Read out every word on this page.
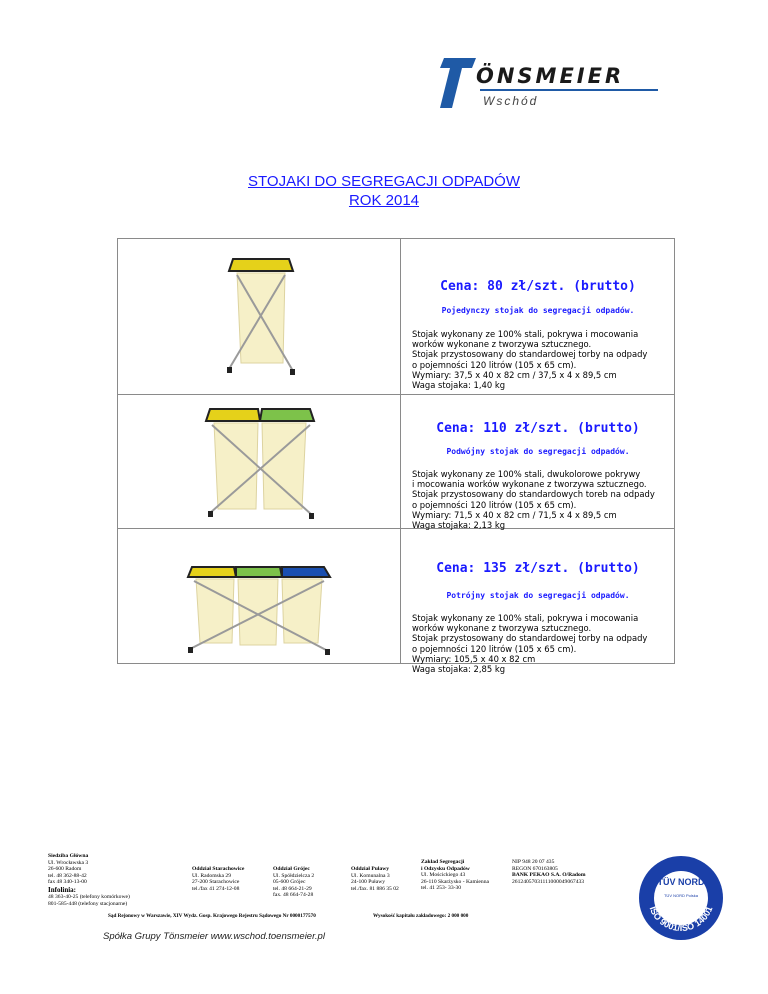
ÖNSMEIER
Wschód
STOJAKI DO SEGREGACJI ODPADÓW
ROK 2014
Cena: 80 zł/szt. (brutto)
Pojedynczy stojak do segregacji odpadów.

Stojak wykonany ze 100% stali, pokrywa i mocowania
worków wykonane z tworzywa sztucznego.
Stojak przystosowany do standardowej torby na odpady
o pojemności 120 litrów (105 x 65 cm).
Wymiary: 37,5 x 40 x 82 cm / 37,5 x 4 x 89,5 cm
Waga stojaka: 1,40 kg

Cena: 110 zł/szt. (brutto)
Podwójny stojak do segregacji odpadów.

Stojak wykonany ze 100% stali, dwukolorowe pokrywy
i mocowania worków wykonane z tworzywa sztucznego.
Stojak przystosowany do standardowych toreb na odpady
o pojemności 120 litrów (105 x 65 cm).
Wymiary: 71,5 x 40 x 82 cm / 71,5 x 4 x 89,5 cm
Waga stojaka: 2,13 kg

Cena: 135 zł/szt. (brutto)
Potrójny stojak do segregacji odpadów.

Stojak wykonany ze 100% stali, pokrywa i mocowania
worków wykonane z tworzywa sztucznego.
Stojak przystosowany do standardowej torby na odpady
o pojemności 120 litrów (105 x 65 cm).
Wymiary: 105,5 x 40 x 82 cm
Waga stojaka: 2,85 kg

Siedziba Główna
Ul. Wrocławska 3
26-600 Radom
tel. 48 362-88-42
fax 48 340-13-00
Infolinia:
48 363-40-25 (telefony komórkowe)
801-585-448 (telefony stacjonarne)
Oddział Starachowice
Ul. Radomska 29
27-200 Starachowice
tel./fax 41 274-12-08
Oddział Grójec
Ul. Spółdzielcza 2
05-600 Grójec
tel. 48 664-21-29
fax. 48 664-74-28
Oddział Puławy
Ul. Komunalna 3
24-100 Puławy
tel./fax. 81 886 35 02
Zakład Segregacji
i Odzysku Odpadów
Ul. Mościckiego 43
26-110 Skarżysko - Kamienna
tel. 41 253- 33-30
NIP 948 20 07 435
REGON 670163805
BANK PEKAO S.A. O/Radom
26124057031111000049067433
Sąd Rejonowy w Warszawie, XIV Wydz. Gosp. Krajowego Rejestru Sądowego Nr 0000177570	Wysokość kapitału zakładowego: 2 000 000
Spółka Grupy Tönsmeier www.wschod.toensmeier.pl
TÜV NORD
TÜV NORD Polska
ISO 9001/ISO 14001
